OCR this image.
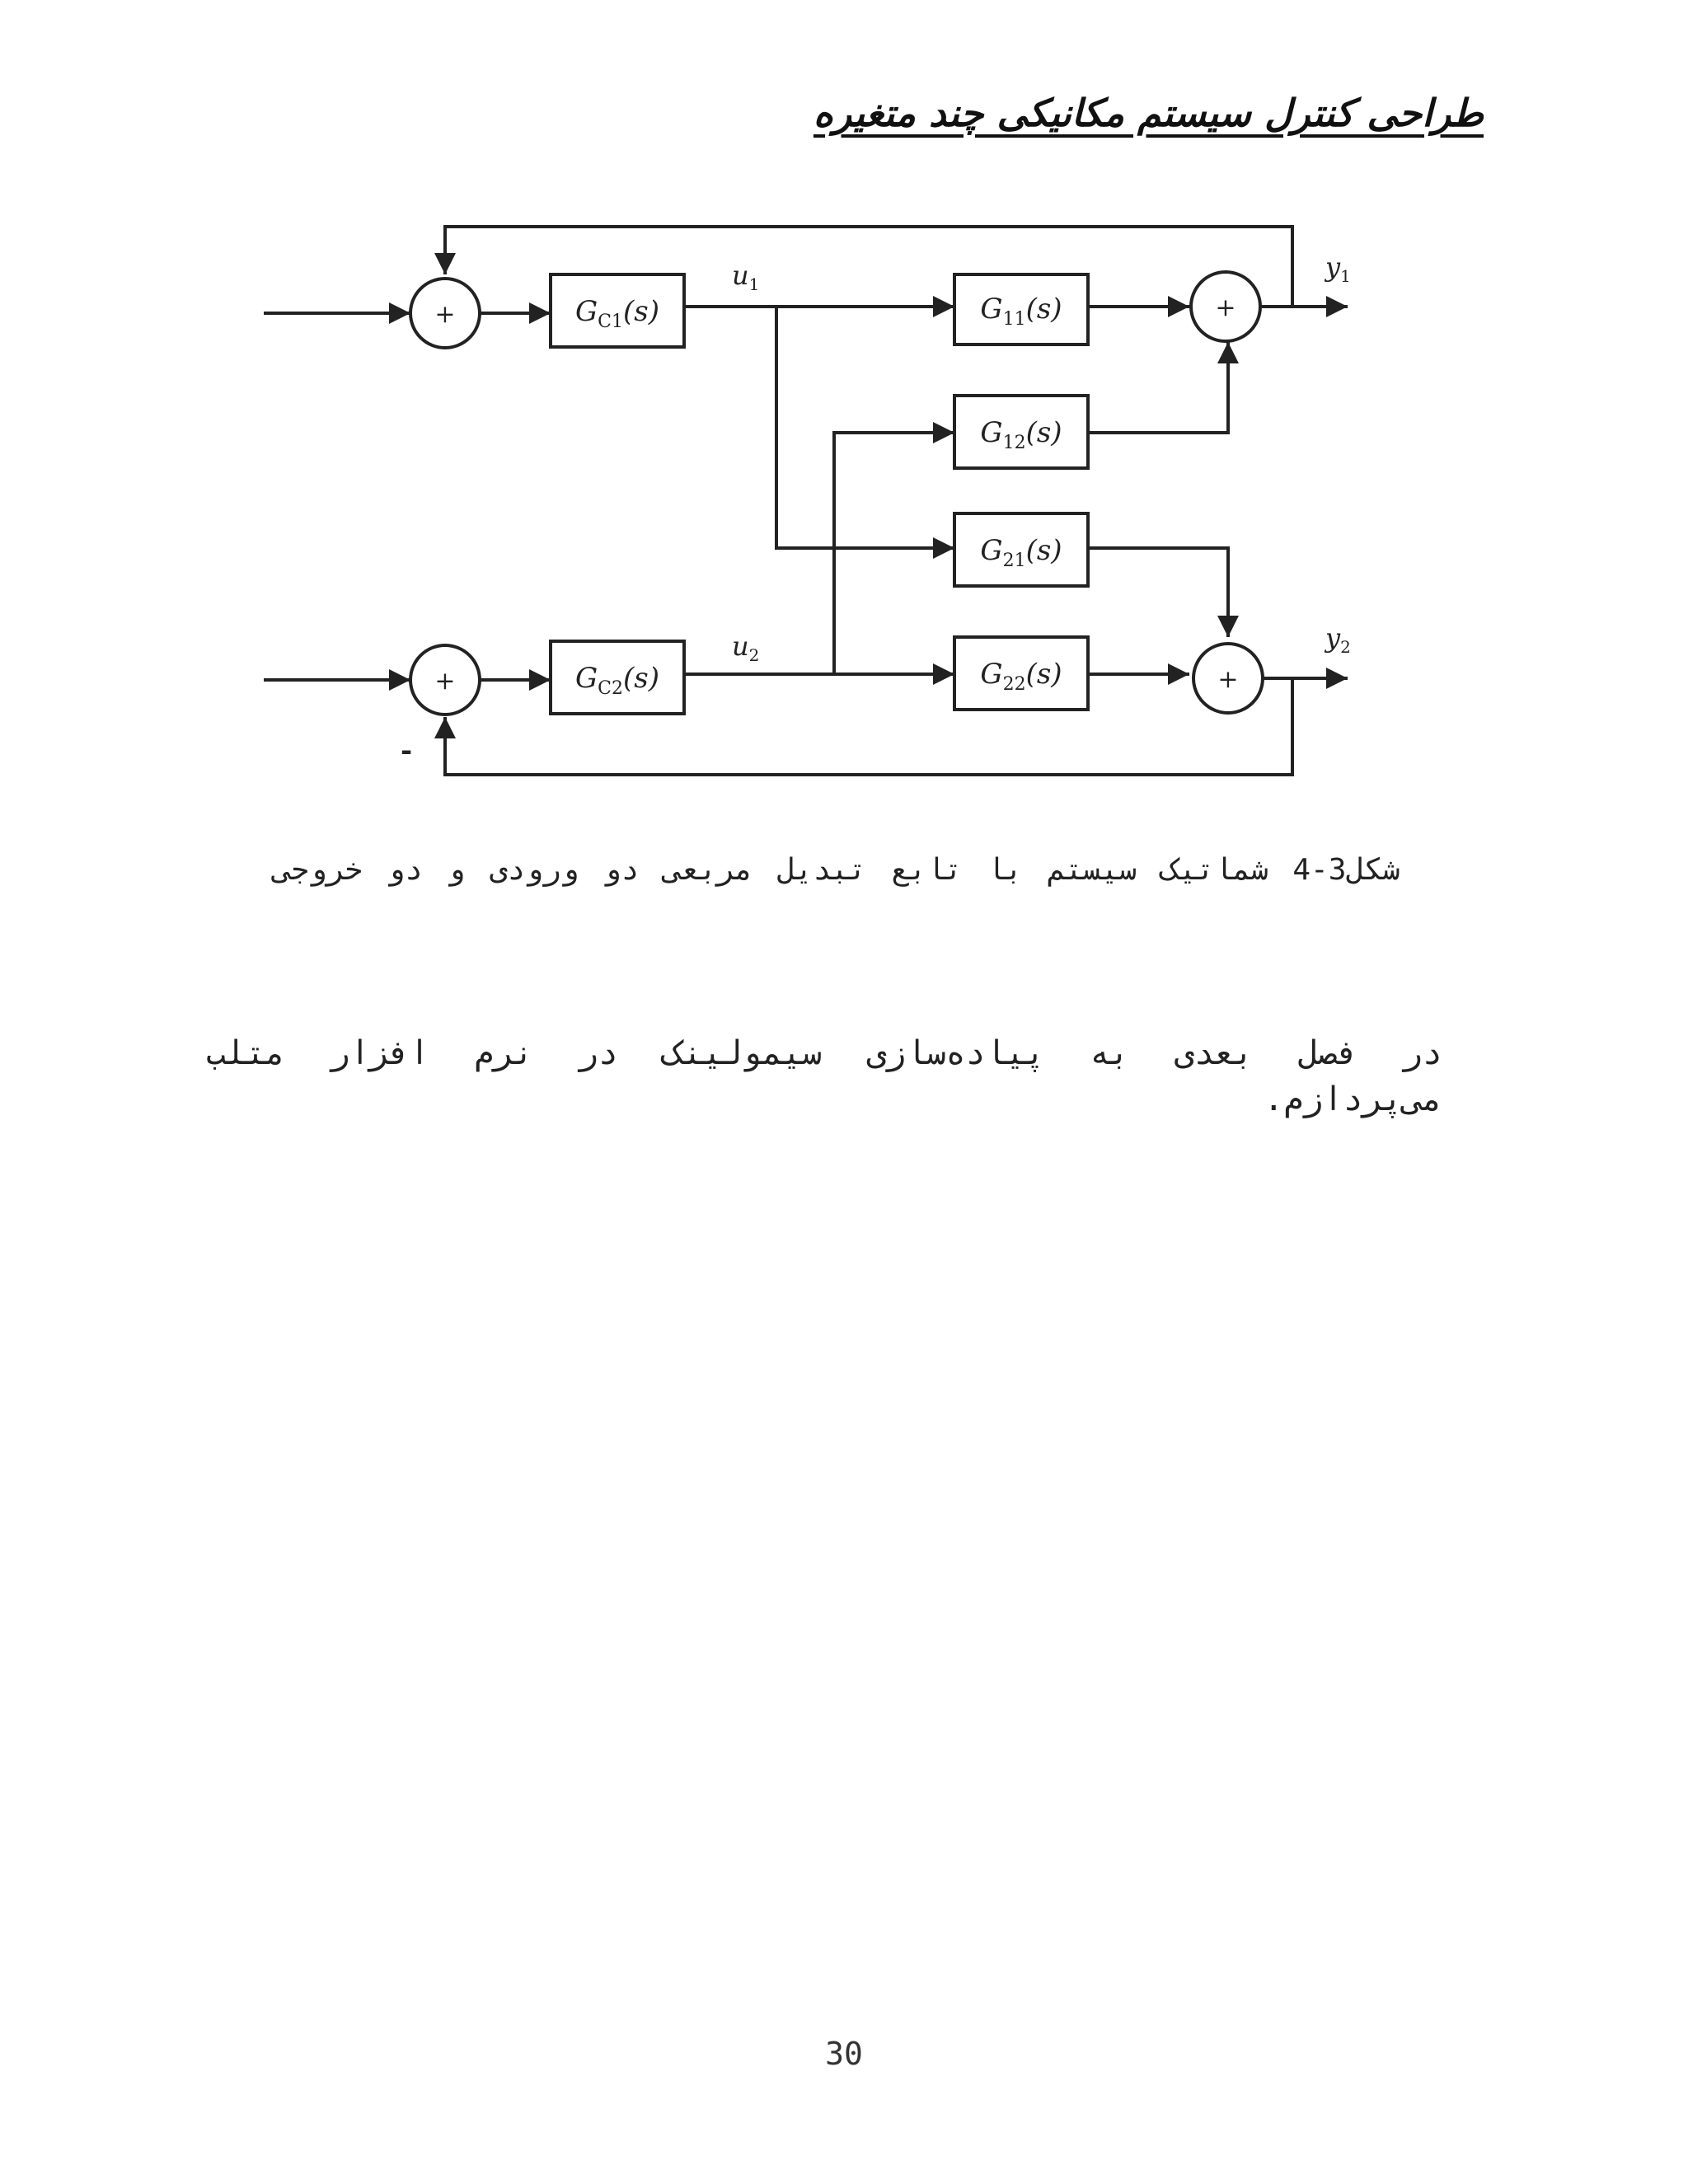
طراحی کنترل سیستم مکانیکی چند متغیره
+
+
+
+
-
$G_{C1}(s)$
$G_{C2}(s)$
$G_{11}(s)$
$G_{12}(s)$
$G_{21}(s)$
$G_{22}(s)$
$u_1$
$u_2$
$y_1$
$y_2$
شکل3-4 شماتیک سیستم با تابع تبدیل مربعی دو ورودی و دو خروجی
در فصل بعدی به پیاده‌سازی سیمولینک در نرم افزار متلب می‌پردازم.
30
